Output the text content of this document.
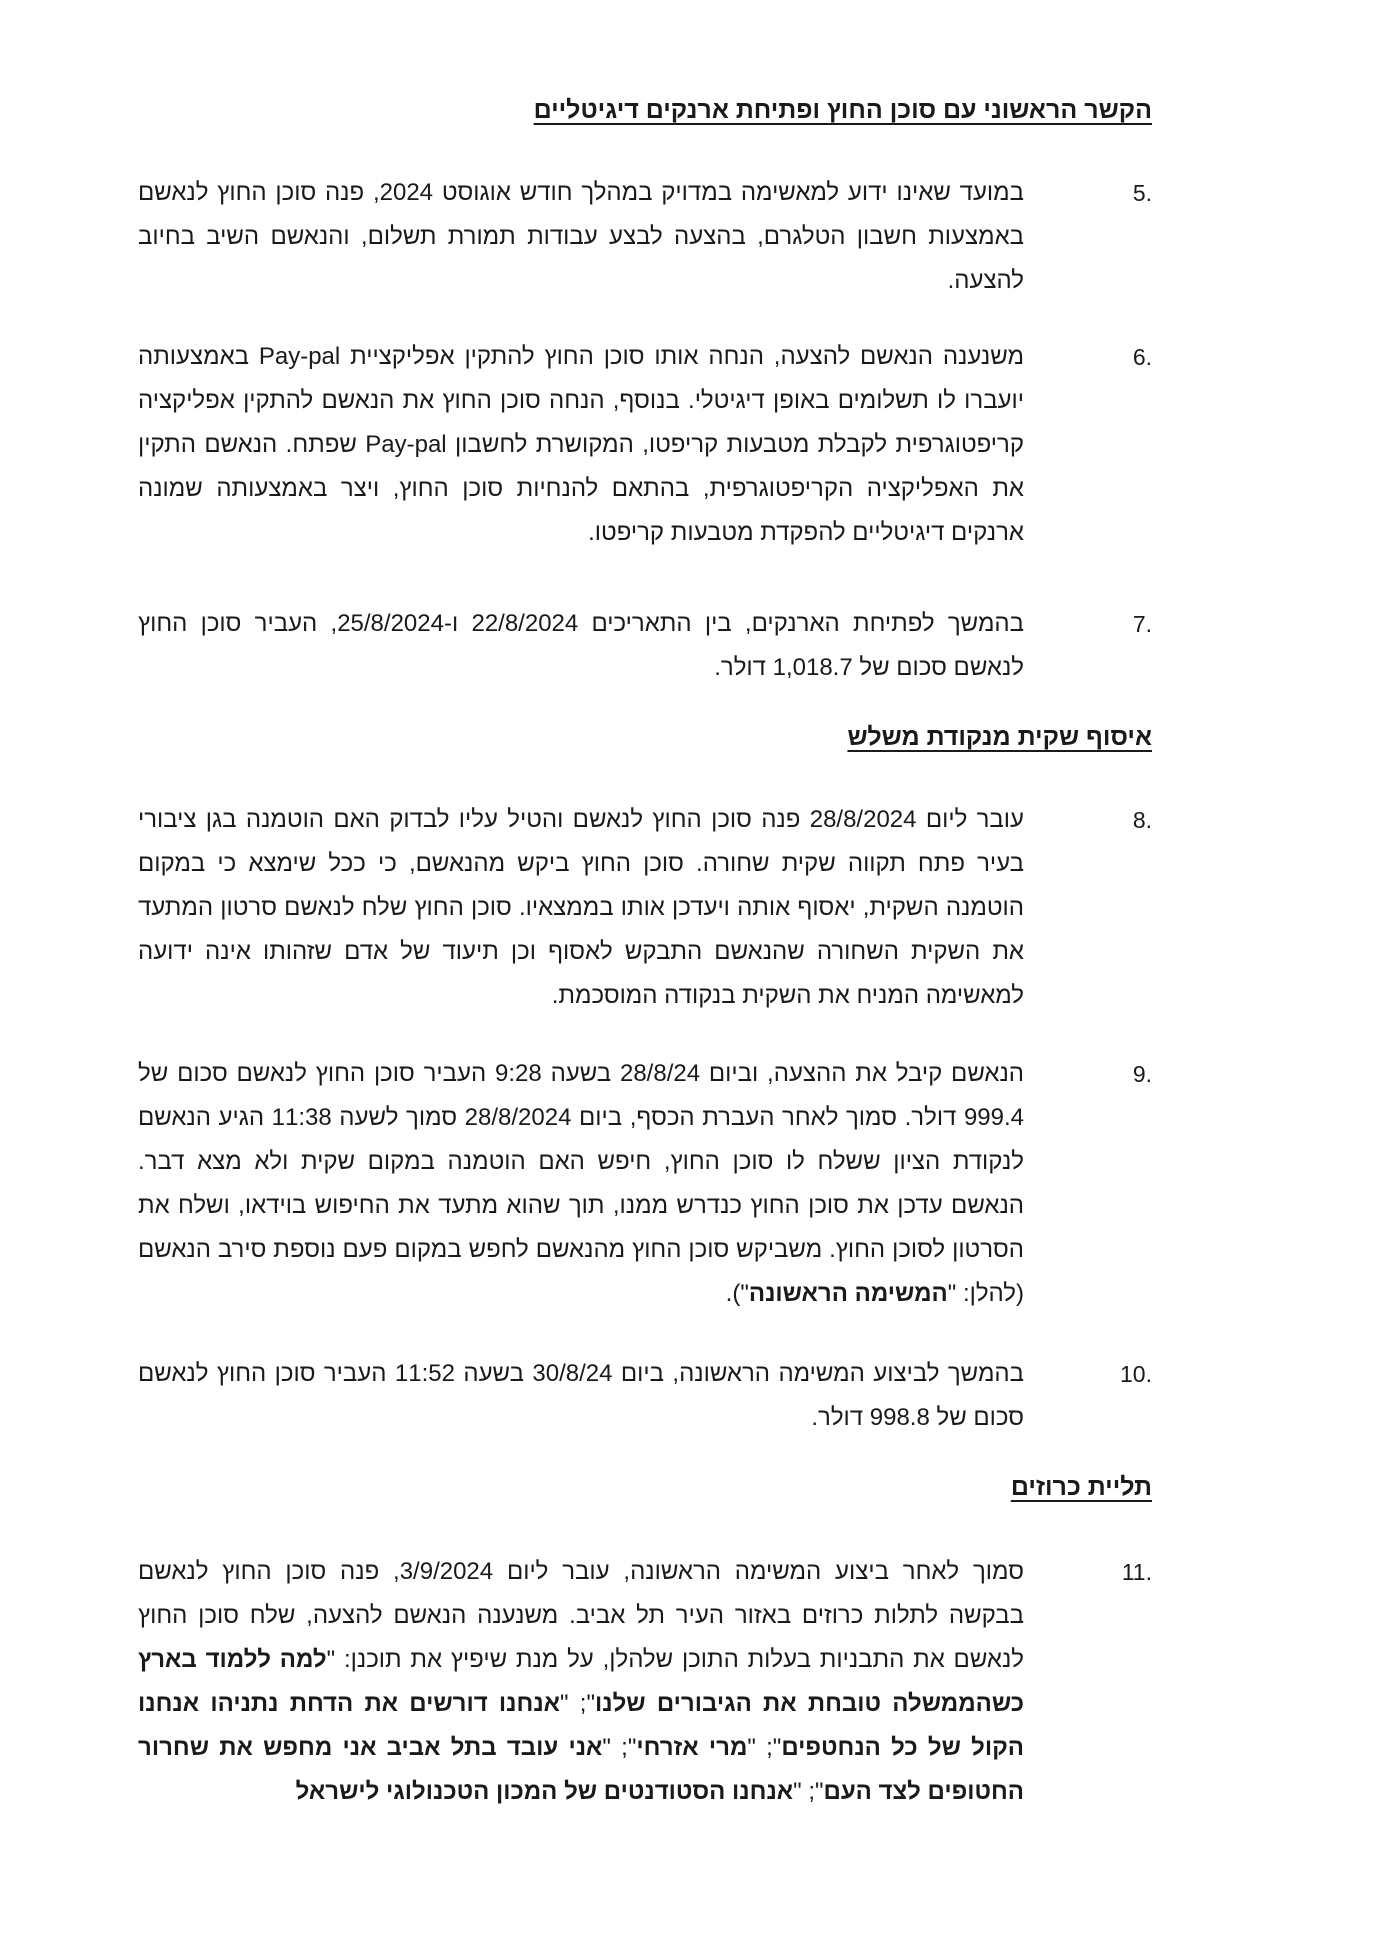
הקשר הראשוני עם סוכן החוץ ופתיחת ארנקים דיגיטליים
5.
במועד שאינו ידוע למאשימה במדויק במהלך חודש אוגוסט 2024, פנה סוכן החוץ לנאשם באמצעות חשבון הטלגרם, בהצעה לבצע עבודות תמורת תשלום, והנאשם השיב בחיוב להצעה.
6.
משנענה הנאשם להצעה, הנחה אותו סוכן החוץ להתקין אפליקציית Pay-pal באמצעותה יועברו לו תשלומים באופן דיגיטלי. בנוסף, הנחה סוכן החוץ את הנאשם להתקין אפליקציה קריפטוגרפית לקבלת מטבעות קריפטו, המקושרת לחשבון Pay-pal שפתח. הנאשם התקין את האפליקציה הקריפטוגרפית, בהתאם להנחיות סוכן החוץ, ויצר באמצעותה שמונה ארנקים דיגיטליים להפקדת מטבעות קריפטו.
7.
בהמשך לפתיחת הארנקים, בין התאריכים 22/8/2024 ו-25/8/2024, העביר סוכן החוץ לנאשם סכום של 1,018.7 דולר.
איסוף שקית מנקודת משלש
8.
עובר ליום 28/8/2024 פנה סוכן החוץ לנאשם והטיל עליו לבדוק האם הוטמנה בגן ציבורי בעיר פתח תקווה שקית שחורה. סוכן החוץ ביקש מהנאשם, כי ככל שימצא כי במקום הוטמנה השקית, יאסוף אותה ויעדכן אותו בממצאיו. סוכן החוץ שלח לנאשם סרטון המתעד את השקית השחורה שהנאשם התבקש לאסוף וכן תיעוד של אדם שזהותו אינה ידועה למאשימה המניח את השקית בנקודה המוסכמת.
9.
הנאשם קיבל את ההצעה, וביום 28/8/24 בשעה 9:28 העביר סוכן החוץ לנאשם סכום של 999.4 דולר. סמוך לאחר העברת הכסף, ביום 28/8/2024 סמוך לשעה 11:38 הגיע הנאשם לנקודת הציון ששלח לו סוכן החוץ, חיפש האם הוטמנה במקום שקית ולא מצא דבר. הנאשם עדכן את סוכן החוץ כנדרש ממנו, תוך שהוא מתעד את החיפוש בוידאו, ושלח את הסרטון לסוכן החוץ. משביקש סוכן החוץ מהנאשם לחפש במקום פעם נוספת סירב הנאשם (להלן: "המשימה הראשונה").
10.
בהמשך לביצוע המשימה הראשונה, ביום 30/8/24 בשעה 11:52 העביר סוכן החוץ לנאשם סכום של 998.8 דולר.
תליית כרוזים
11.
סמוך לאחר ביצוע המשימה הראשונה, עובר ליום 3/9/2024, פנה סוכן החוץ לנאשם בבקשה לתלות כרוזים באזור העיר תל אביב. משנענה הנאשם להצעה, שלח סוכן החוץ לנאשם את התבניות בעלות התוכן שלהלן, על מנת שיפיץ את תוכנן: "למה ללמוד בארץ כשהממשלה טובחת את הגיבורים שלנו"; "אנחנו דורשים את הדחת נתניהו אנחנו הקול של כל הנחטפים"; "מרי אזרחי"; "אני עובד בתל אביב אני מחפש את שחרור החטופים לצד העם"; "אנחנו הסטודנטים של המכון הטכנולוגי לישראל
